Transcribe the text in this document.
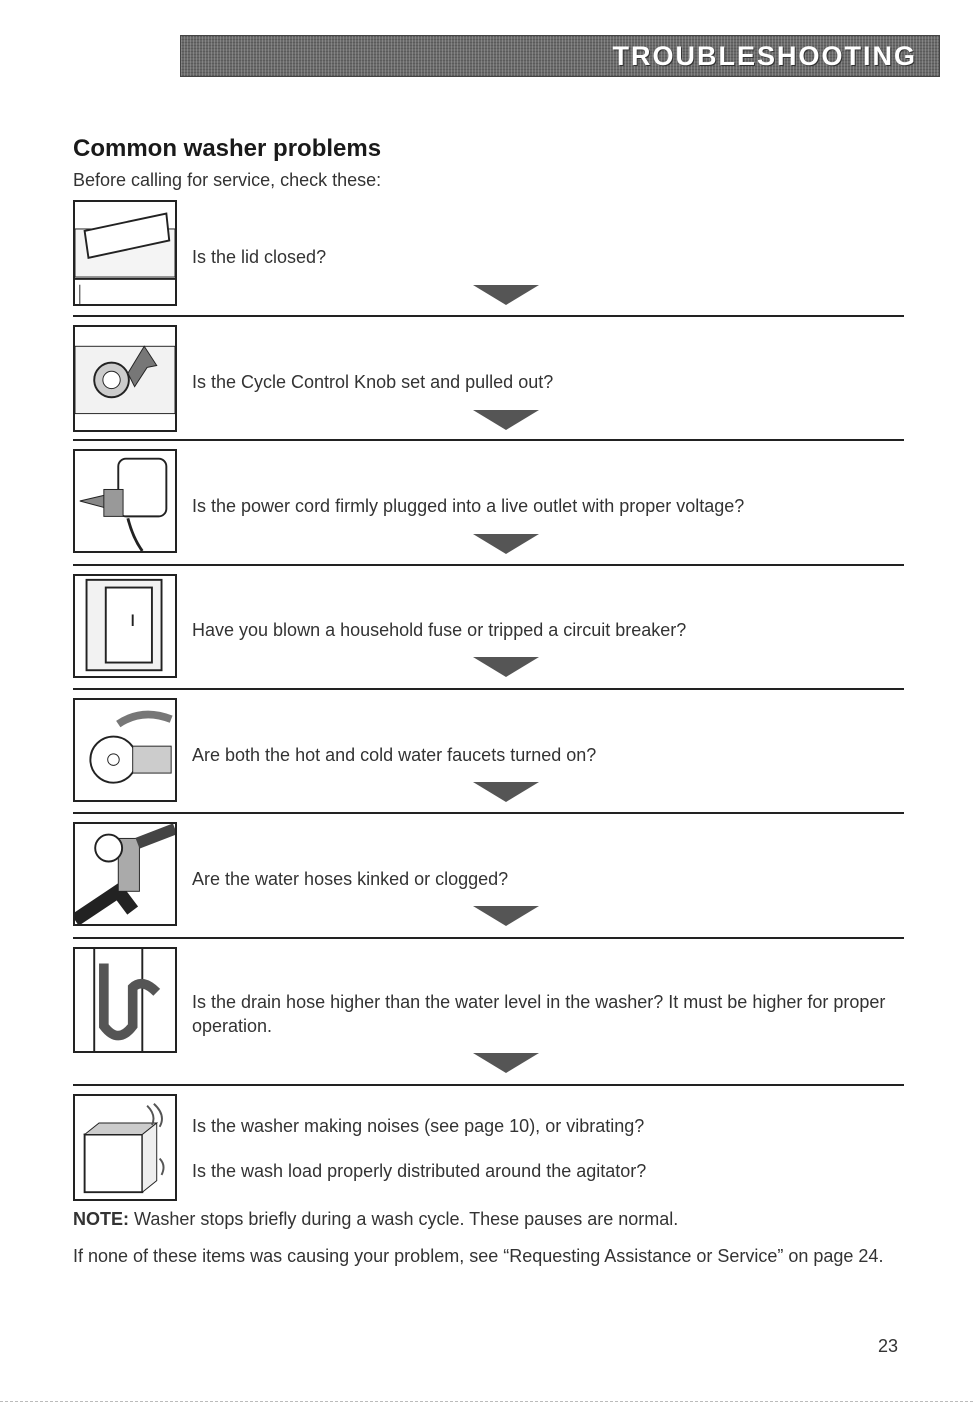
TROUBLESHOOTING
Common washer problems
Before calling for service, check these:
Is the lid closed?
Is the Cycle Control Knob set and pulled out?
Is the power cord firmly plugged into a live outlet with proper voltage?
Have you blown a household fuse or tripped a circuit breaker?
Are both the hot and cold water faucets turned on?
Are the water hoses kinked or clogged?
Is the drain hose higher than the water level in the washer? It must be higher for proper operation.
Is the washer making noises (see page 10), or vibrating?
Is the wash load properly distributed around the agitator?
NOTE: Washer stops briefly during a wash cycle. These pauses are normal.
If none of these items was causing your problem, see “Requesting Assistance or Service” on page 24.
23
